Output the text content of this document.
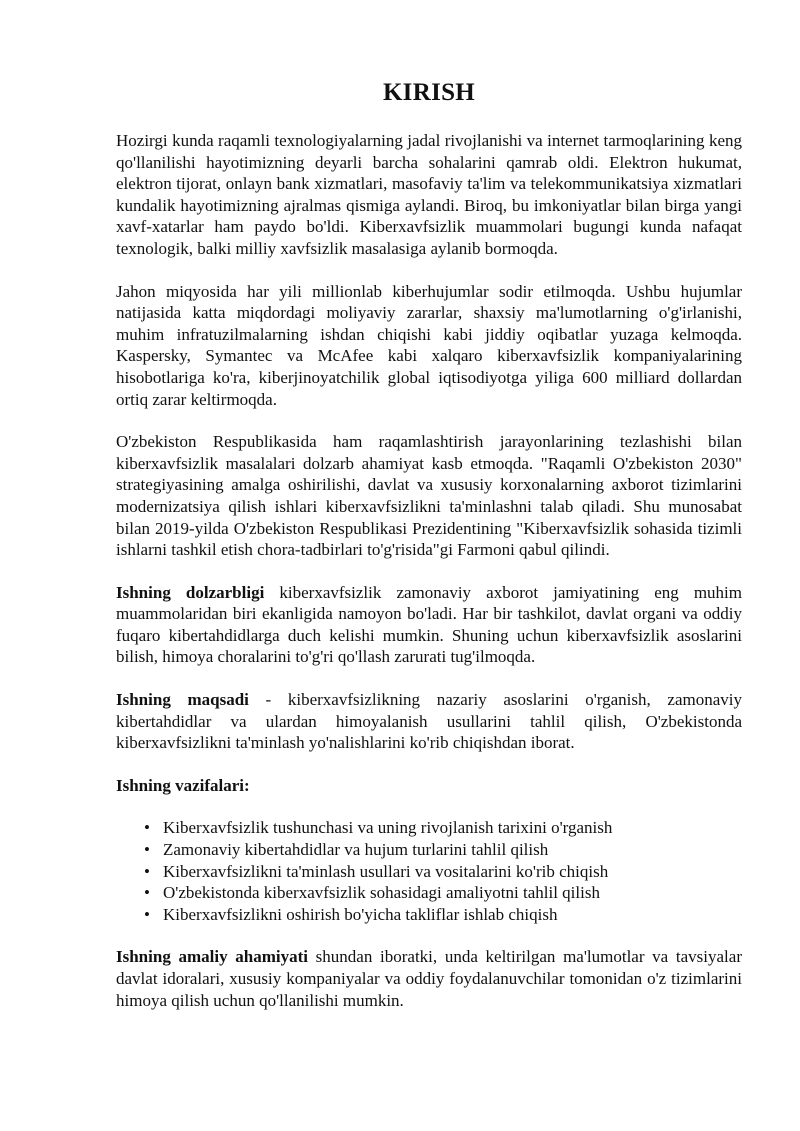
KIRISH

Hozirgi kunda raqamli texnologiyalarning jadal rivojlanishi va internet tarmoqlarining keng qo'llanilishi hayotimizning deyarli barcha sohalarini qamrab oldi. Elektron hukumat, elektron tijorat, onlayn bank xizmatlari, masofaviy ta'lim va telekommunikatsiya xizmatlari kundalik hayotimizning ajralmas qismiga aylandi. Biroq, bu imkoniyatlar bilan birga yangi xavf-xatarlar ham paydo bo'ldi. Kiberxavfsizlik muammolari bugungi kunda nafaqat texnologik, balki milliy xavfsizlik masalasiga aylanib bormoqda.

Jahon miqyosida har yili millionlab kiberhujumlar sodir etilmoqda. Ushbu hujumlar natijasida katta miqdordagi moliyaviy zararlar, shaxsiy ma'lumotlarning o'g'irlanishi, muhim infratuzilmalarning ishdan chiqishi kabi jiddiy oqibatlar yuzaga kelmoqda. Kaspersky, Symantec va McAfee kabi xalqaro kiberxavfsizlik kompaniyalarining hisobotlariga ko'ra, kiberjinoyatchilik global iqtisodiyotga yiliga 600 milliard dollardan ortiq zarar keltirmoqda.

O'zbekiston Respublikasida ham raqamlashtirish jarayonlarining tezlashishi bilan kiberxavfsizlik masalalari dolzarb ahamiyat kasb etmoqda. "Raqamli O'zbekiston 2030" strategiyasining amalga oshirilishi, davlat va xususiy korxonalarning axborot tizimlarini modernizatsiya qilish ishlari kiberxavfsizlikni ta'minlashni talab qiladi. Shu munosabat bilan 2019-yilda O'zbekiston Respublikasi Prezidentining "Kiberxavfsizlik sohasida tizimli ishlarni tashkil etish chora-tadbirlari to'g'risida"gi Farmoni qabul qilindi.

Ishning dolzarbligi kiberxavfsizlik zamonaviy axborot jamiyatining eng muhim muammolaridan biri ekanligida namoyon bo'ladi. Har bir tashkilot, davlat organi va oddiy fuqaro kibertahdidlarga duch kelishi mumkin. Shuning uchun kiberxavfsizlik asoslarini bilish, himoya choralarini to'g'ri qo'llash zarurati tug'ilmoqda.

Ishning maqsadi - kiberxavfsizlikning nazariy asoslarini o'rganish, zamonaviy kibertahdidlar va ulardan himoyalanish usullarini tahlil qilish, O'zbekistonda kiberxavfsizlikni ta'minlash yo'nalishlarini ko'rib chiqishdan iborat.

Ishning vazifalari:

• Kiberxavfsizlik tushunchasi va uning rivojlanish tarixini o'rganish
• Zamonaviy kibertahdidlar va hujum turlarini tahlil qilish
• Kiberxavfsizlikni ta'minlash usullari va vositalarini ko'rib chiqish
• O'zbekistonda kiberxavfsizlik sohasidagi amaliyotni tahlil qilish
• Kiberxavfsizlikni oshirish bo'yicha takliflar ishlab chiqish

Ishning amaliy ahamiyati shundan iboratki, unda keltirilgan ma'lumotlar va tavsiyalar davlat idoralari, xususiy kompaniyalar va oddiy foydalanuvchilar tomonidan o'z tizimlarini himoya qilish uchun qo'llanilishi mumkin.
